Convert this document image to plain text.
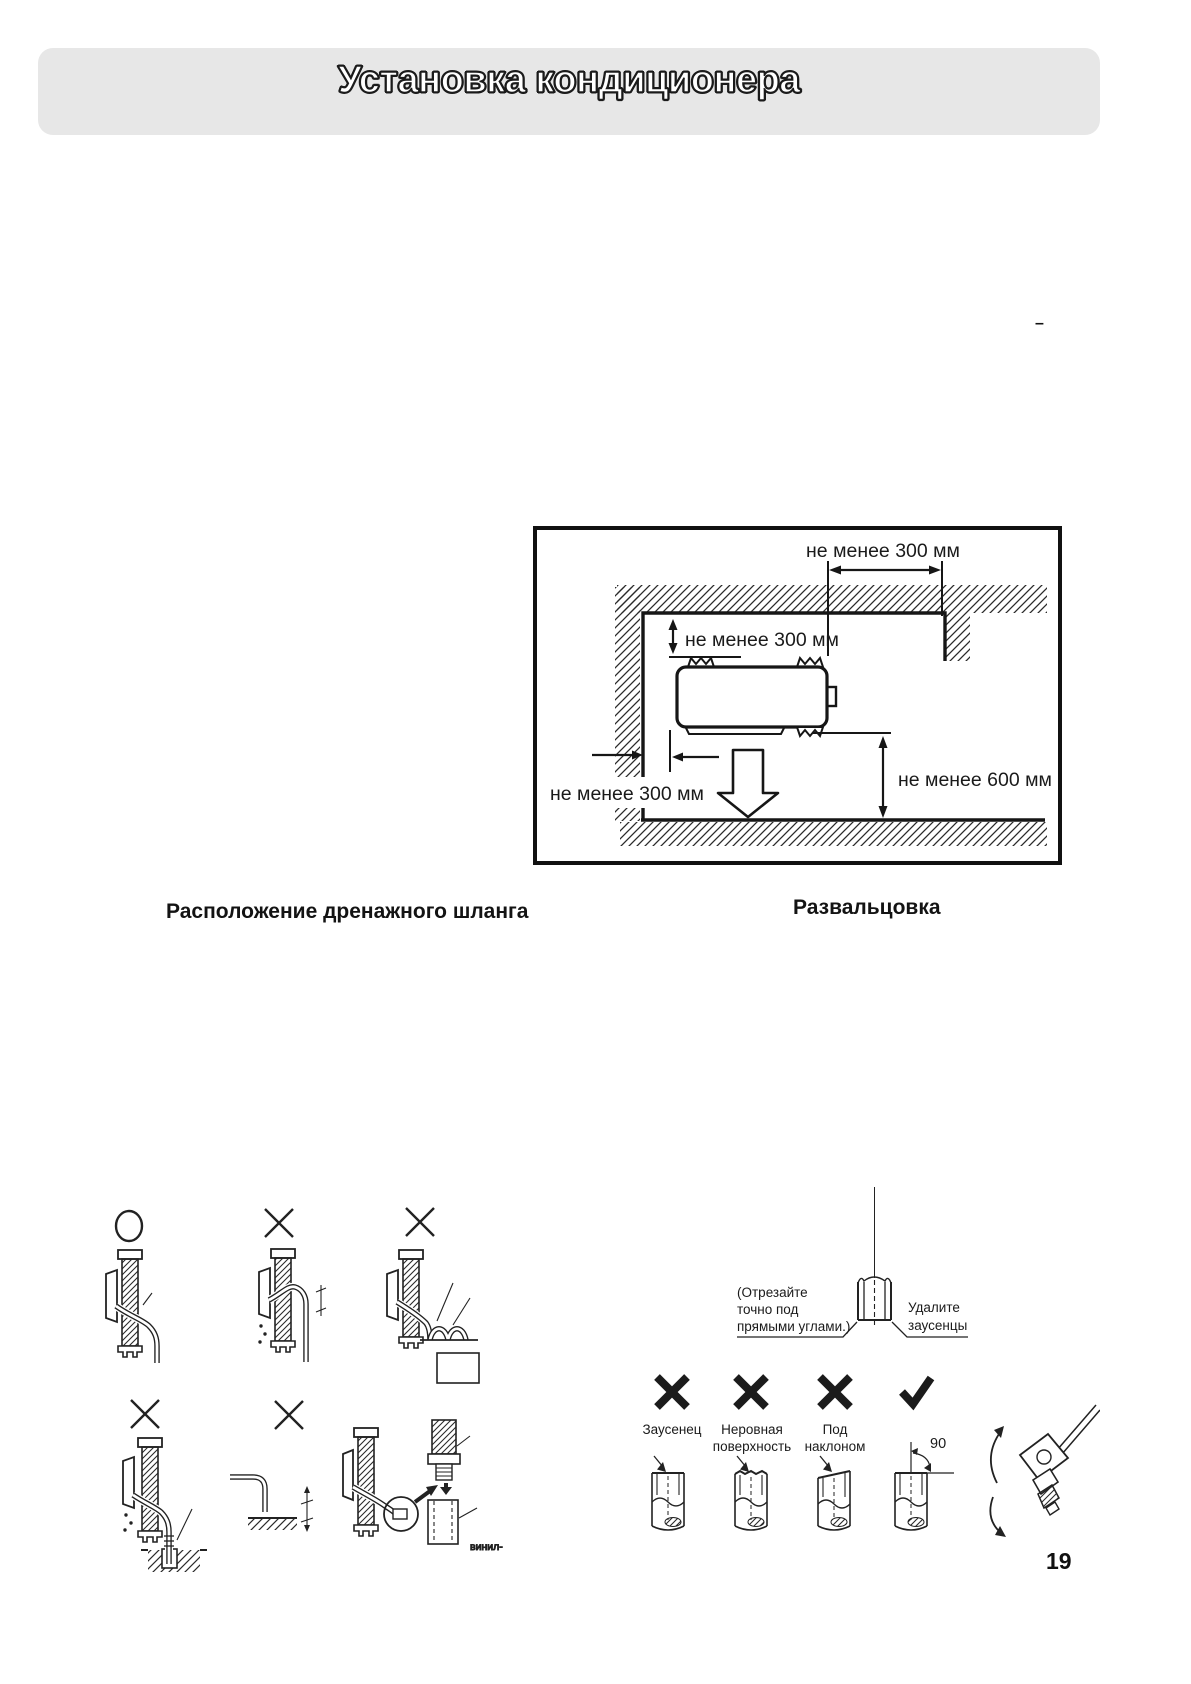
Установка кондиционера
–
не менее 300 мм
не менее 300 мм
не менее 300 мм
не менее 600 мм
Расположение дренажного шланга	Развальцовка
винил-
(Отрезайте
точно под
прямыми углами.)
Удалите
заусенцы
Заусенец Неровная
поверхность
Под
наклоном	90
19
